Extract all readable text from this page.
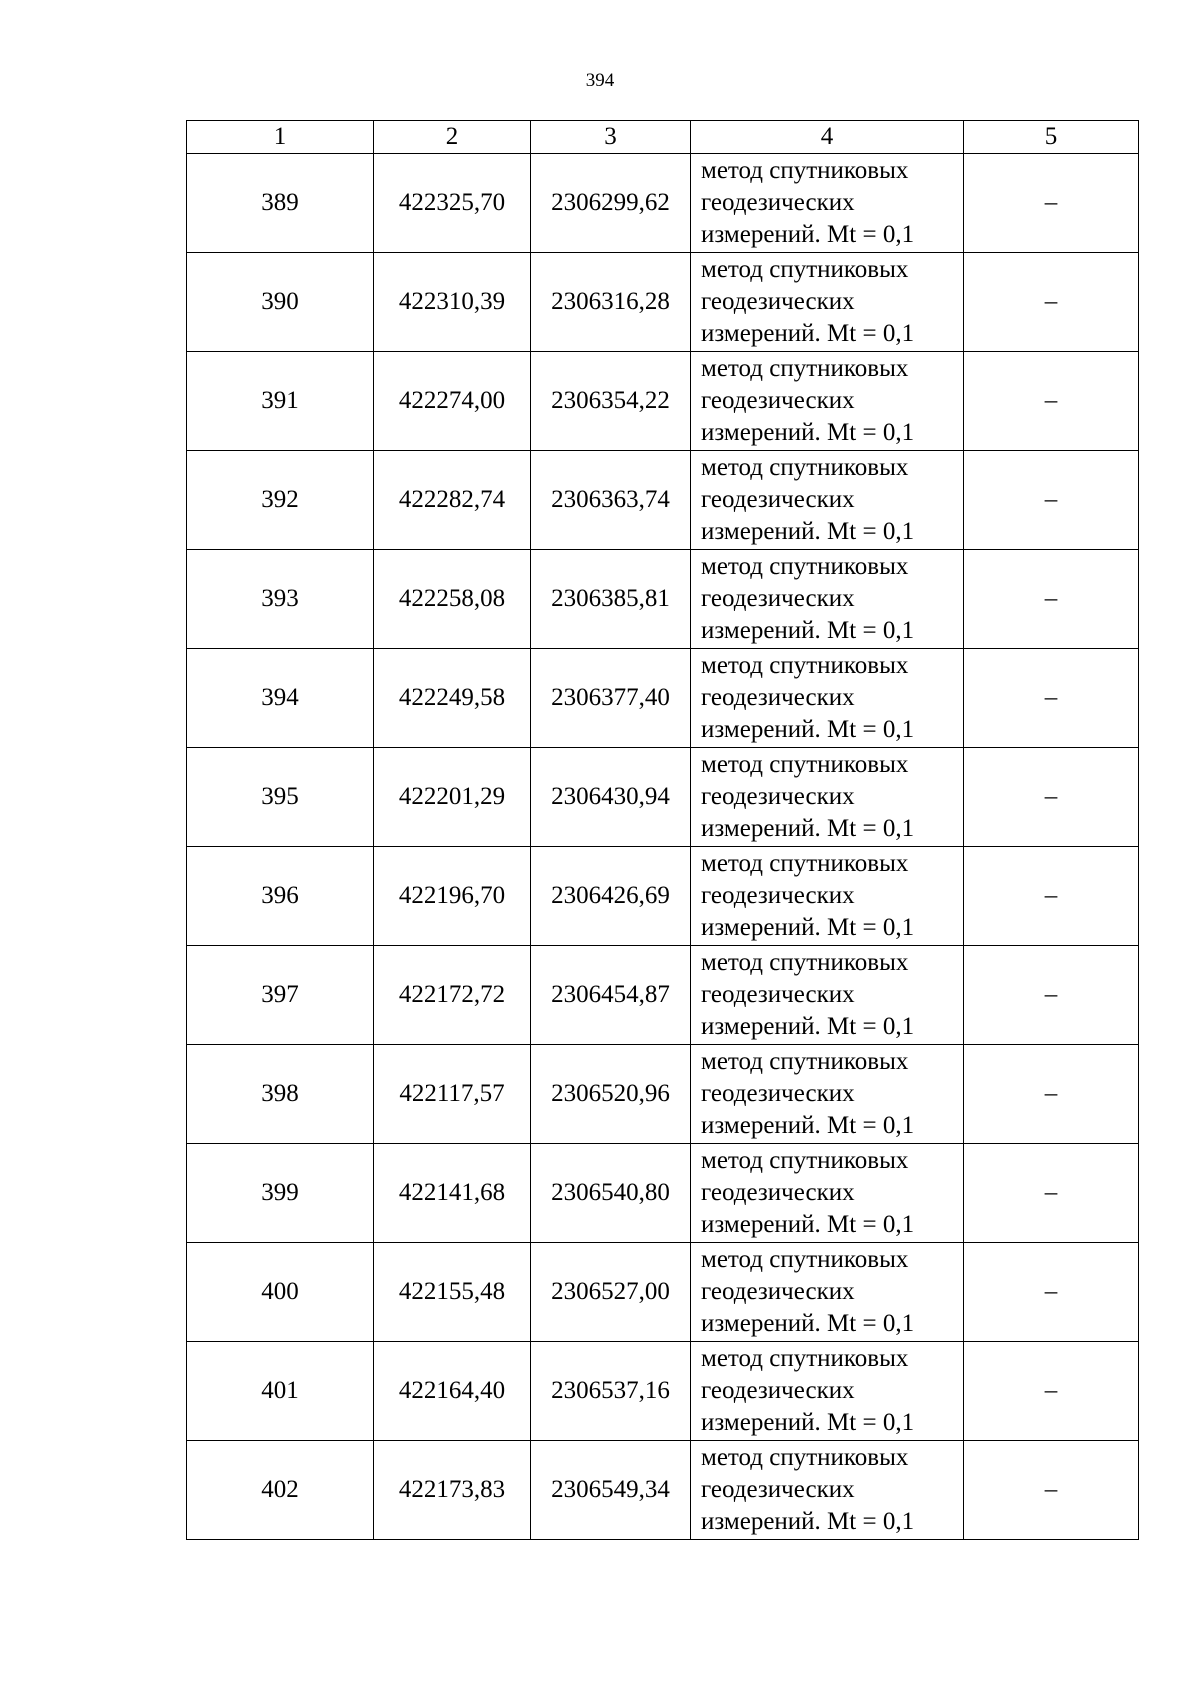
394
1	2	3	4	5
389	422325,70	2306299,62	метод спутниковых
геодезических
измерений. Mt = 0,1	–
390	422310,39	2306316,28	метод спутниковых
геодезических
измерений. Mt = 0,1	–
391	422274,00	2306354,22	метод спутниковых
геодезических
измерений. Mt = 0,1	–
392	422282,74	2306363,74	метод спутниковых
геодезических
измерений. Mt = 0,1	–
393	422258,08	2306385,81	метод спутниковых
геодезических
измерений. Mt = 0,1	–
394	422249,58	2306377,40	метод спутниковых
геодезических
измерений. Mt = 0,1	–
395	422201,29	2306430,94	метод спутниковых
геодезических
измерений. Mt = 0,1	–
396	422196,70	2306426,69	метод спутниковых
геодезических
измерений. Mt = 0,1	–
397	422172,72	2306454,87	метод спутниковых
геодезических
измерений. Mt = 0,1	–
398	422117,57	2306520,96	метод спутниковых
геодезических
измерений. Mt = 0,1	–
399	422141,68	2306540,80	метод спутниковых
геодезических
измерений. Mt = 0,1	–
400	422155,48	2306527,00	метод спутниковых
геодезических
измерений. Mt = 0,1	–
401	422164,40	2306537,16	метод спутниковых
геодезических
измерений. Mt = 0,1	–
402	422173,83	2306549,34	метод спутниковых
геодезических
измерений. Mt = 0,1	–
